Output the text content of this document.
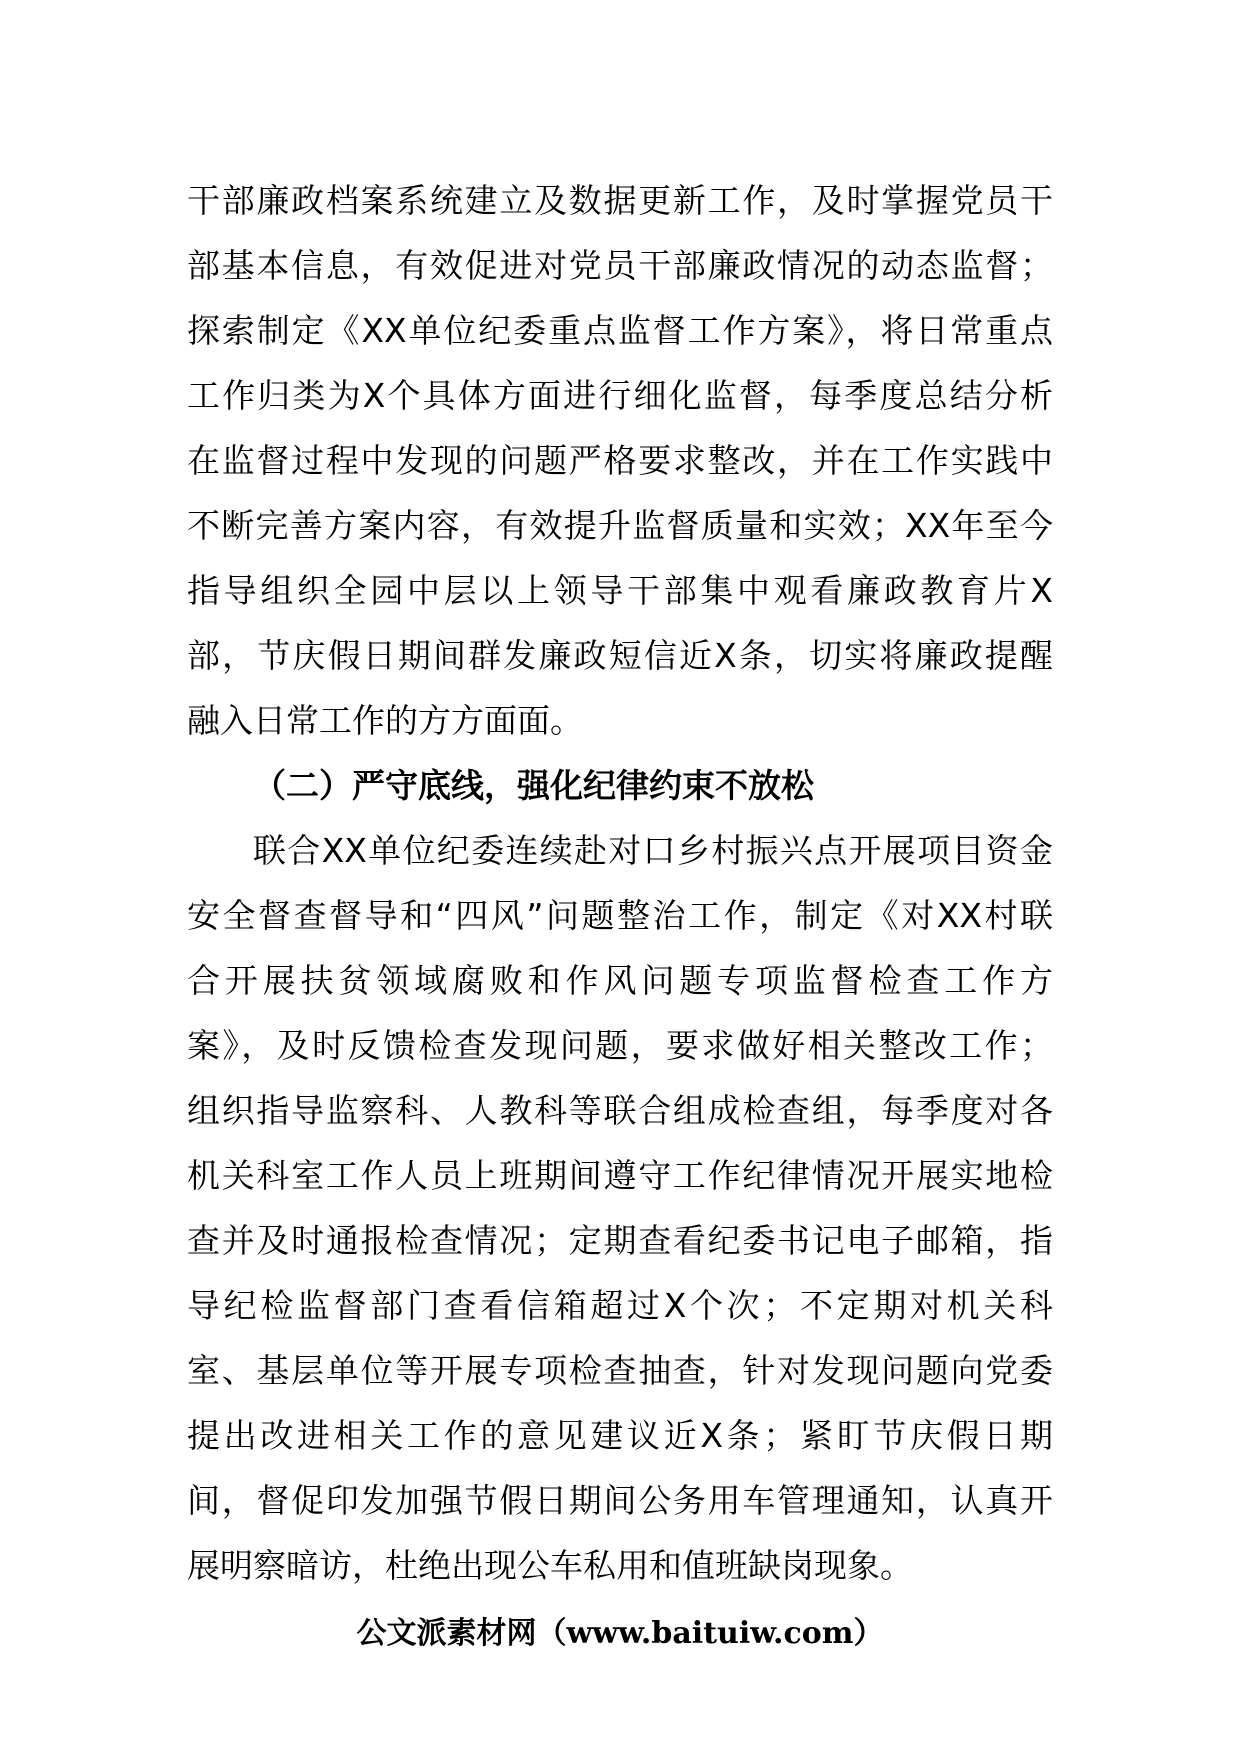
干部廉政档案系统建立及数据更新工作，及时掌握党员干
部基本信息，有效促进对党员干部廉政情况的动态监督；
探索制定《XX单位纪委重点监督工作方案》，将日常重点
工作归类为X个具体方面进行细化监督，每季度总结分析
在监督过程中发现的问题严格要求整改，并在工作实践中
不断完善方案内容，有效提升监督质量和实效；XX年至今
指导组织全园中层以上领导干部集中观看廉政教育片X
部，节庆假日期间群发廉政短信近X条，切实将廉政提醒
融入日常工作的方方面面。
（二）严守底线，强化纪律约束不放松
联合XX单位纪委连续赴对口乡村振兴点开展项目资金
安全督查督导和“四风”问题整治工作，制定《对XX村联
合开展扶贫领域腐败和作风问题专项监督检查工作方
案》，及时反馈检查发现问题，要求做好相关整改工作；
组织指导监察科、人教科等联合组成检查组，每季度对各
机关科室工作人员上班期间遵守工作纪律情况开展实地检
查并及时通报检查情况；定期查看纪委书记电子邮箱，指
导纪检监督部门查看信箱超过X个次；不定期对机关科
室、基层单位等开展专项检查抽查，针对发现问题向党委
提出改进相关工作的意见建议近X条；紧盯节庆假日期
间，督促印发加强节假日期间公务用车管理通知，认真开
展明察暗访，杜绝出现公车私用和值班缺岗现象。
公文派素材网（www.baituiw.com）
